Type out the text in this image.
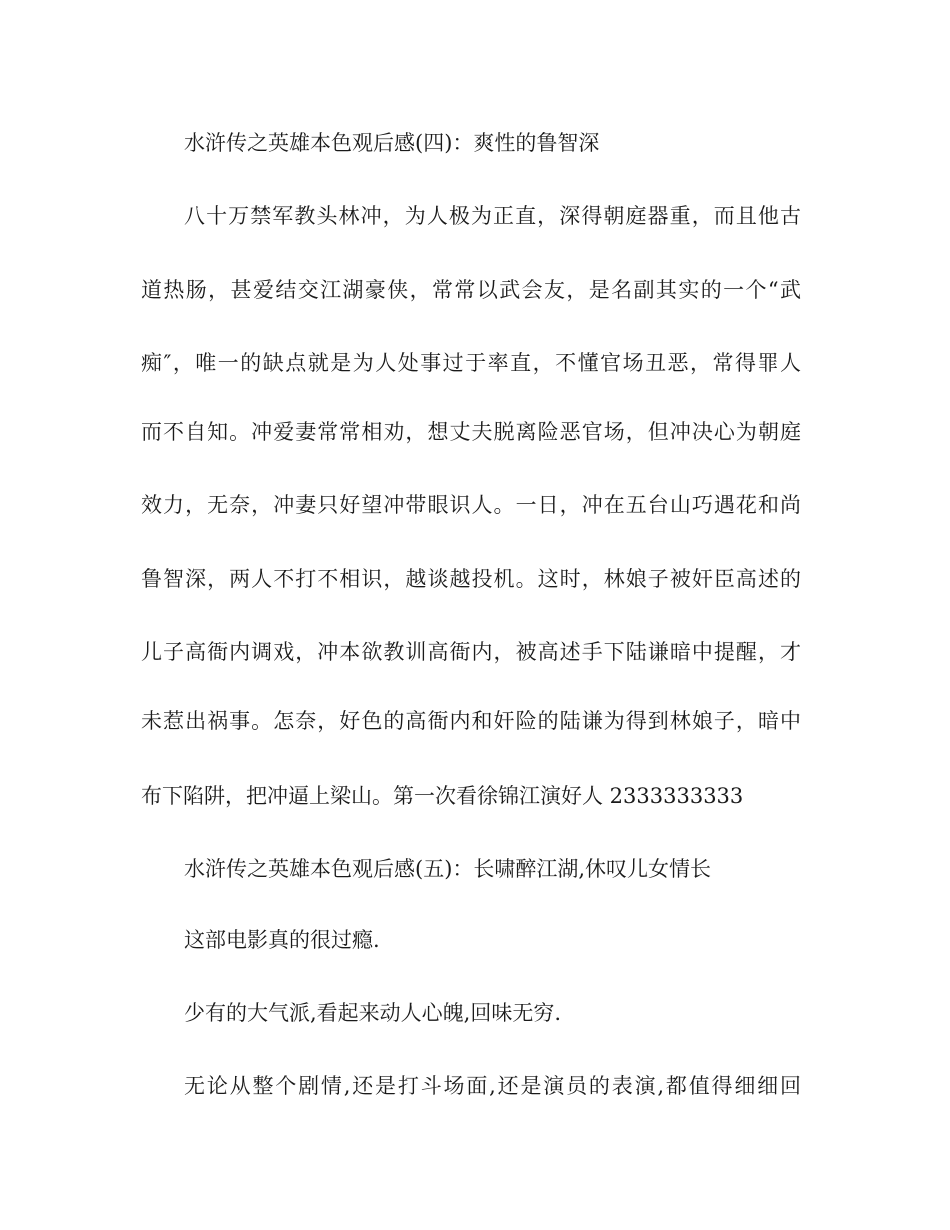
水浒传之英雄本色观后感(四)：爽性的鲁智深
八十万禁军教头林冲，为人极为正直，深得朝庭器重，而且他古
道热肠，甚爱结交江湖豪侠，常常以武会友，是名副其实的一个“武
痴″，唯一的缺点就是为人处事过于率直，不懂官场丑恶，常得罪人
而不自知。冲爱妻常常相劝，想丈夫脱离险恶官场，但冲决心为朝庭
效力，无奈，冲妻只好望冲带眼识人。一日，冲在五台山巧遇花和尚
鲁智深，两人不打不相识，越谈越投机。这时，林娘子被奸臣高述的
儿子高衙内调戏，冲本欲教训高衙内，被高述手下陆谦暗中提醒，才
未惹出祸事。怎奈，好色的高衙内和奸险的陆谦为得到林娘子，暗中
布下陷阱，把冲逼上梁山。第一次看徐锦江演好人 2333333333
水浒传之英雄本色观后感(五)：长啸醉江湖,休叹儿女情长
这部电影真的很过瘾.
少有的大气派,看起来动人心魄,回味无穷.
无论从整个剧情,还是打斗场面,还是演员的表演,都值得细细回
